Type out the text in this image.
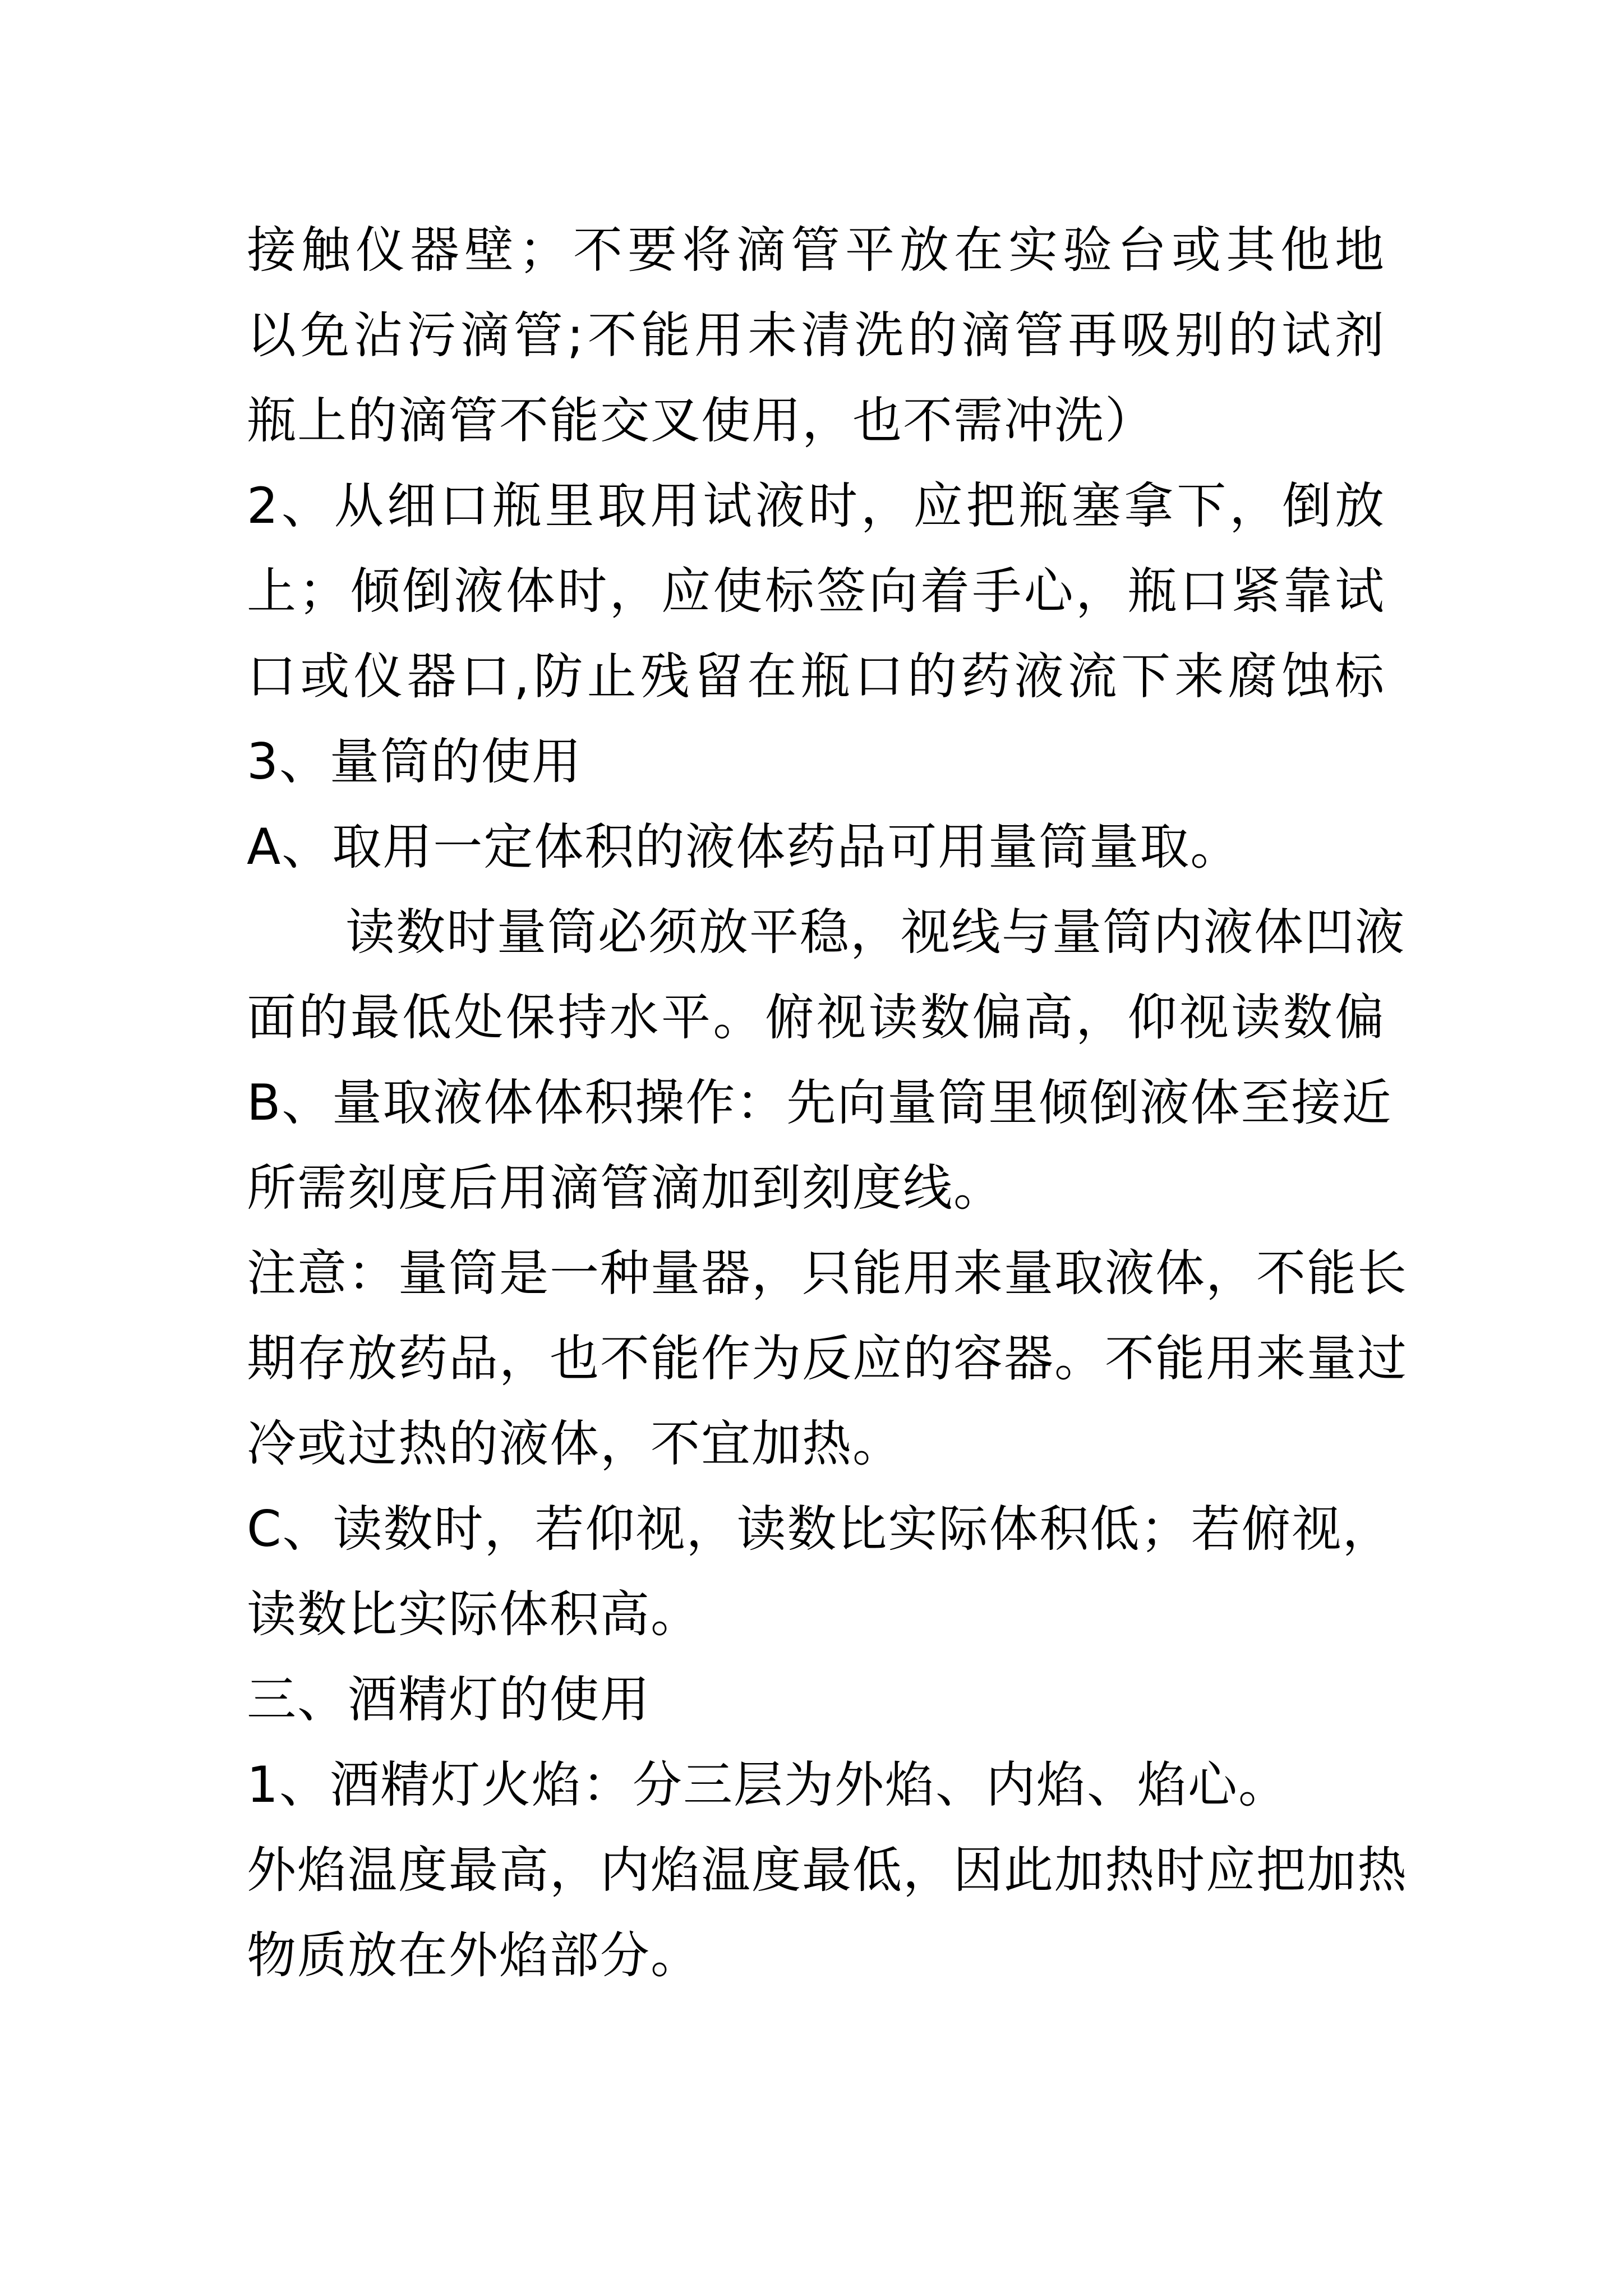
接触仪器壁；不要将滴管平放在实验台或其他地
以免沾污滴管;不能用未清洗的滴管再吸别的试剂
瓶上的滴管不能交叉使用，也不需冲洗）
2、从细口瓶里取用试液时，应把瓶塞拿下，倒放
上；倾倒液体时，应使标签向着手心，瓶口紧靠试
口或仪器口,防止残留在瓶口的药液流下来腐蚀标
3、量筒的使用
A、取用一定体积的液体药品可用量筒量取。
读数时量筒必须放平稳，视线与量筒内液体凹液
面的最低处保持水平。俯视读数偏高，仰视读数偏
B、量取液体体积操作：先向量筒里倾倒液体至接近
所需刻度后用滴管滴加到刻度线。
注意：量筒是一种量器，只能用来量取液体，不能长
期存放药品，也不能作为反应的容器。不能用来量过
冷或过热的液体，不宜加热。
C、读数时，若仰视，读数比实际体积低；若俯视，
读数比实际体积高。
三、酒精灯的使用
1、酒精灯火焰：分三层为外焰、内焰、焰心。
外焰温度最高，内焰温度最低，因此加热时应把加热
物质放在外焰部分。
